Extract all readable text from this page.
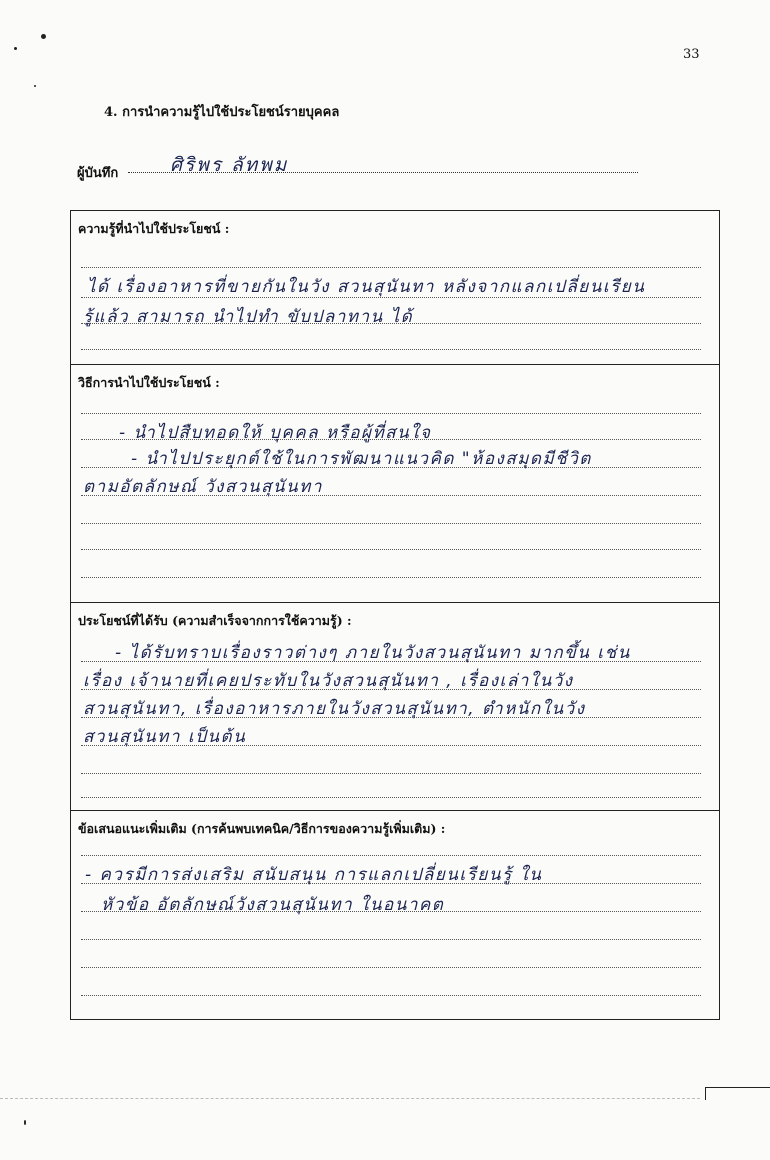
33
4. การนำความรู้ไปใช้ประโยชน์รายบุคคล
ผู้บันทึก	ศิริพร ลัทพม
ความรู้ที่นำไปใช้ประโยชน์ :
ได้ เรื่องอาหารที่ขายกันในวัง สวนสุนันทา หลังจากแลกเปลี่ยนเรียน
รู้แล้ว สามารถ นำไปทำ ขับปลาทาน ได้
วิธีการนำไปใช้ประโยชน์ :
- นำไปสืบทอดให้ บุคคล หรือผู้ที่สนใจ
- นำไปประยุกต์ใช้ในการพัฒนาแนวคิด "ห้องสมุดมีชีวิต
ตามอัตลักษณ์ วังสวนสุนันทา
ประโยชน์ที่ได้รับ (ความสำเร็จจากการใช้ความรู้) :
- ได้รับทราบเรื่องราวต่างๆ ภายในวังสวนสุนันทา มากขึ้น เช่น
เรื่อง เจ้านายที่เคยประทับในวังสวนสุนันทา , เรื่องเล่าในวัง
สวนสุนันทา, เรื่องอาหารภายในวังสวนสุนันทา, ตำหนักในวัง
สวนสุนันทา เป็นต้น
ข้อเสนอแนะเพิ่มเติม (การค้นพบเทคนิค/วิธีการของความรู้เพิ่มเติม) :
- ควรมีการส่งเสริม สนับสนุน การแลกเปลี่ยนเรียนรู้ ใน
หัวข้อ อัตลักษณ์วังสวนสุนันทา ในอนาคต
